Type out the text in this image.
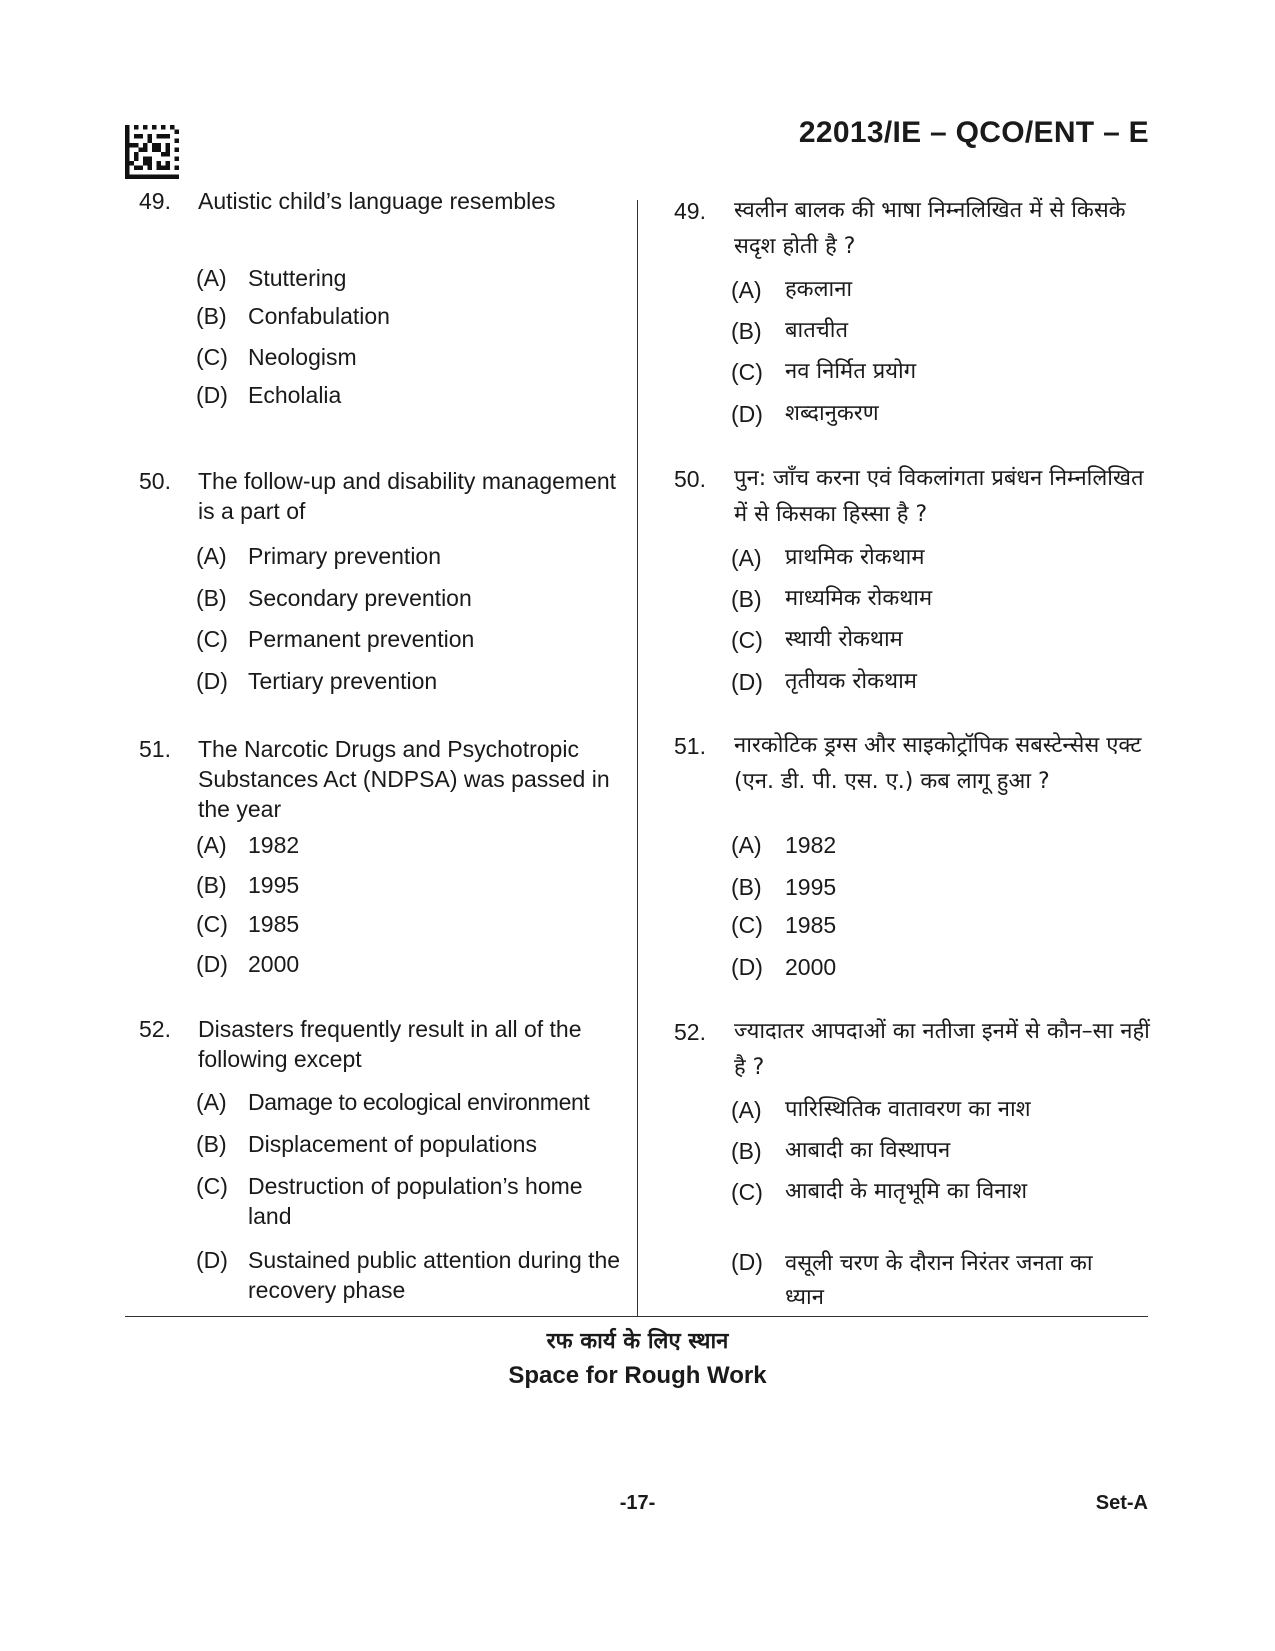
22013/IE – QCO/ENT – E
49. Autistic child’s language resembles
(A) Stuttering
(B) Confabulation
(C) Neologism
(D) Echolalia
50. The follow-up and disability management is a part of
(A) Primary prevention
(B) Secondary prevention
(C) Permanent prevention
(D) Tertiary prevention
51. The Narcotic Drugs and Psychotropic Substances Act (NDPSA) was passed in the year
(A) 1982
(B) 1995
(C) 1985
(D) 2000
52. Disasters frequently result in all of the following except
(A) Damage to ecological environment
(B) Displacement of populations
(C) Destruction of population’s home land
(D) Sustained public attention during the recovery phase
49. स्वलीन बालक की भाषा निम्नलिखित में से किसके सदृश होती है ?
(A) हकलाना
(B) बातचीत
(C) नव निर्मित प्रयोग
(D) शब्दानुकरण
50. पुन: जाँच करना एवं विकलांगता प्रबंधन निम्नलिखित में से किसका हिस्सा है ?
(A) प्राथमिक रोकथाम
(B) माध्यमिक रोकथाम
(C) स्थायी रोकथाम
(D) तृतीयक रोकथाम
51. नारकोटिक ड्रग्स और साइकोट्रॉपिक सबस्टेन्सेस एक्ट (एन. डी. पी. एस. ए.) कब लागू हुआ ?
(A) 1982
(B) 1995
(C) 1985
(D) 2000
52. ज्यादातर आपदाओं का नतीजा इनमें से कौन–सा नहीं है ?
(A) पारिस्थितिक वातावरण का नाश
(B) आबादी का विस्थापन
(C) आबादी के मातृभूमि का विनाश
(D) वसूली चरण के दौरान निरंतर जनता का ध्यान
रफ कार्य के लिए स्थान
Space for Rough Work
-17-	Set-A
